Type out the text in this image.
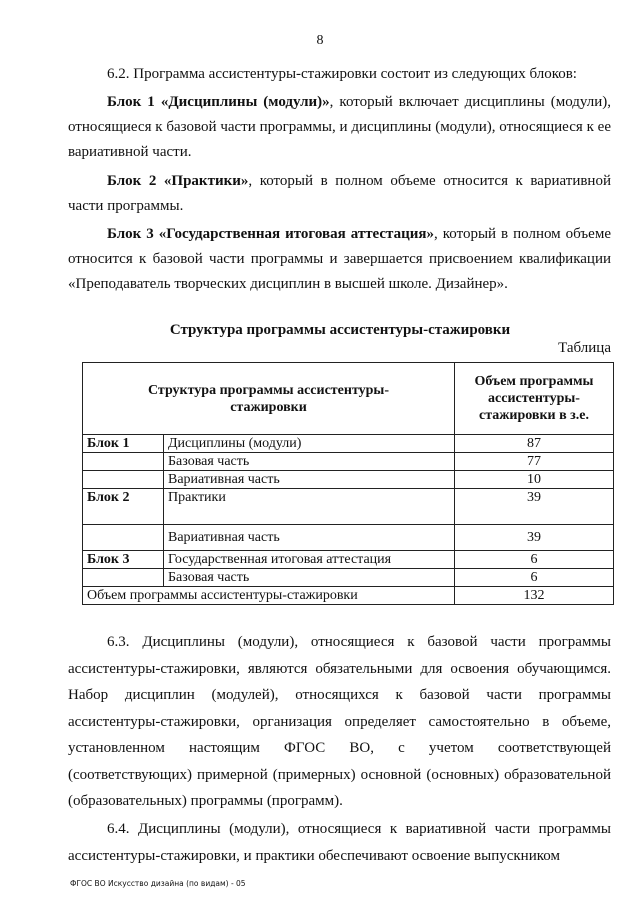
8

6.2. Программа ассистентуры-стажировки состоит из следующих блоков:

Блок 1 «Дисциплины (модули)», который включает дисциплины (модули), относящиеся к базовой части программы, и дисциплины (модули), относящиеся к ее вариативной части.

Блок 2 «Практики», который в полном объеме относится к вариативной части программы.

Блок 3 «Государственная итоговая аттестация», который в полном объеме относится к базовой части программы и завершается присвоением квалификации «Преподаватель творческих дисциплин в высшей школе. Дизайнер».

Структура программы ассистентуры-стажировки
Таблица
Структура программы ассистентуры-стажировки		Объем программы ассистентуры-стажировки в з.е.
Блок 1	Дисциплины (модули)	87
	Базовая часть	77
	Вариативная часть	10
Блок 2	Практики	39
	Вариативная часть	39
Блок 3	Государственная итоговая аттестация	6
	Базовая часть	6
Объем программы ассистентуры-стажировки		132

6.3. Дисциплины (модули), относящиеся к базовой части программы ассистентуры-стажировки, являются обязательными для освоения обучающимся. Набор дисциплин (модулей), относящихся к базовой части программы ассистентуры-стажировки, организация определяет самостоятельно в объеме, установленном настоящим ФГОС ВО, с учетом соответствующей (соответствующих) примерной (примерных) основной (основных) образовательной (образовательных) программы (программ).

6.4. Дисциплины (модули), относящиеся к вариативной части программы ассистентуры-стажировки, и практики обеспечивают освоение выпускником

ФГОС ВО Искусство дизайна (по видам) - 05
